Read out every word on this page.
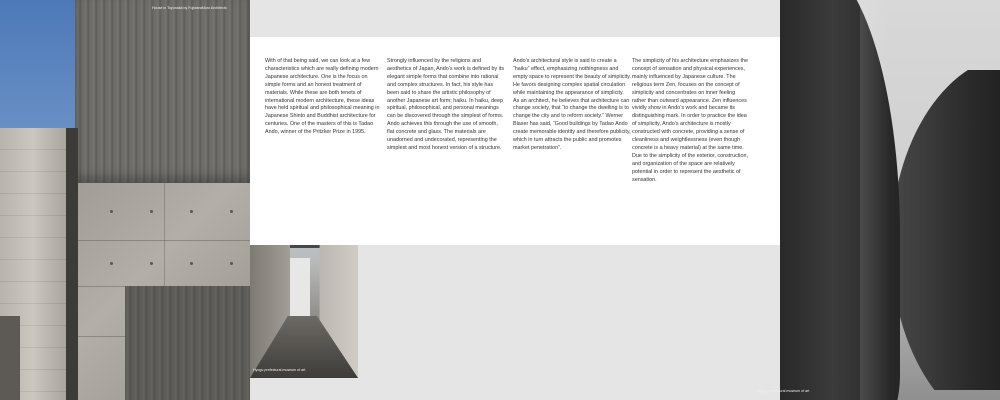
House in Toyonaka by FujiwaraMuro Architects
Hyogo prefectural museum of art

With of that being said, we can look at a few characteristics which are really defining modern Japanese architecture. One is the focus on simple forms and an honest treatment of materials. While these are both tenets of international modern architecture, these ideas have held spiritual and philosophical meaning in Japanese Shinto and Buddhist architecture for centuries. One of the masters of this is Tadao Ando, winner of the Pritzker Prize in 1995.

Strongly influenced by the religions and aesthetics of Japan, Ando’s work is defined by its elegant simple forms that combine into rational and complex structures. In fact, his style has been said to share the artistic philosophy of another Japanese art form; haiku. In haiku, deep spiritual, philosophical, and personal meanings can be discovered through the simplest of forms. Ando achieves this through the use of smooth, flat concrete and glass. The materials are unadorned and undecorated, representing the simplest and most honest version of a structure.

Ando’s architectural style is said to create a “haiku” effect, emphasizing nothingness and empty space to represent the beauty of simplicity. He favors designing complex spatial circulation while maintaining the appearance of simplicity. As an architect, he believes that architecture can change society, that “to change the dwelling is to change the city and to reform society.” Werner Blaser has said, “Good buildings by Tadao Ando create memorable identity and therefore publicity, which in turn attracts the public and promotes market penetration”.

The simplicity of his architecture emphasizes the concept of sensation and physical experiences, mainly influenced by Japanese culture. The religious term Zen, focuses on the concept of simplicity and concentrates on inner feeling rather than outward appearance. Zen influences vividly show in Ando’s work and became its distinguishing mark. In order to practice the idea of simplicity, Ando’s architecture is mostly constructed with concrete, providing a sense of cleanliness and weightlessness (even though concrete is a heavy material) at the same time. Due to the simplicity of the exterior, construction, and organization of the space are relatively potential in order to represent the aesthetic of sensation.

Hyogo prefectural museum of art
